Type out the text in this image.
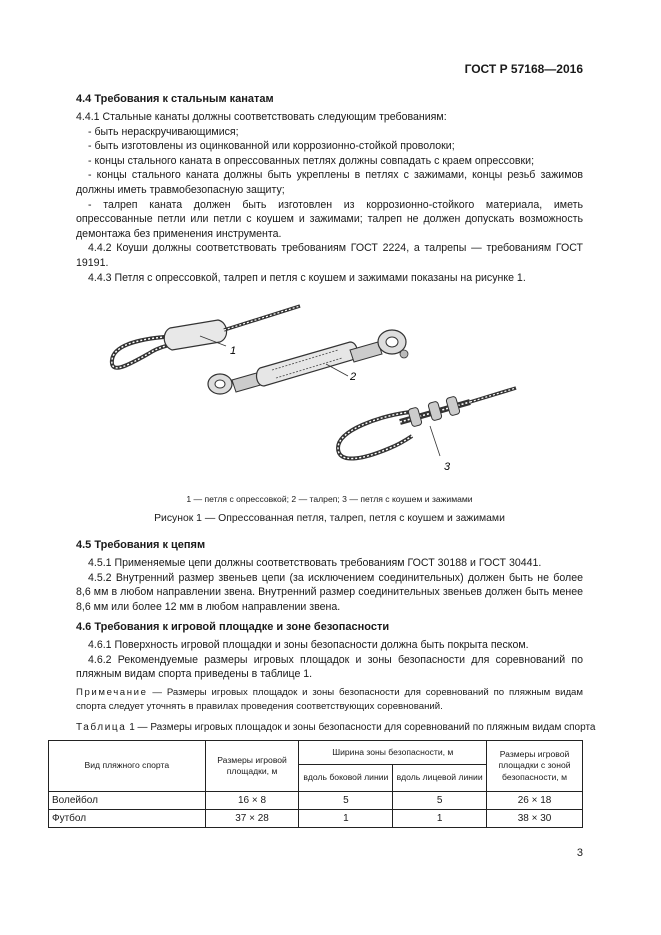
ГОСТ Р 57168—2016
4.4 Требования к стальным канатам

4.4.1 Стальные канаты должны соответствовать следующим требованиям:

- быть нераскручивающимися;

- быть изготовлены из оцинкованной или коррозионно-стойкой проволоки;

- концы стального каната в опрессованных петлях должны совпадать с краем опрессовки;

- концы стального каната должны быть укреплены в петлях с зажимами, концы резьб зажимов должны иметь травмобезопасную защиту;

- талреп каната должен быть изготовлен из коррозионно-стойкого материала, иметь опрессованные петли или петли с коушем и зажимами; талреп не должен допускать возможность демонтажа без применения инструмента.

4.4.2 Коуши должны соответствовать требованиям ГОСТ 2224, а талрепы — требованиям ГОСТ 19191.

4.4.3 Петля с опрессовкой, талреп и петля с коушем и зажимами показаны на рисунке 1.

1
2
3
1 — петля с опрессовкой; 2 — талреп; 3 — петля с коушем и зажимами
Рисунок 1 — Опрессованная петля, талреп, петля с коушем и зажимами
4.5 Требования к цепям

4.5.1 Применяемые цепи должны соответствовать требованиям ГОСТ 30188 и ГОСТ 30441.

4.5.2 Внутренний размер звеньев цепи (за исключением соединительных) должен быть не более 8,6 мм в любом направлении звена. Внутренний размер соединительных звеньев должен быть менее 8,6 мм или более 12 мм в любом направлении звена.

4.6 Требования к игровой площадке и зоне безопасности

4.6.1 Поверхность игровой площадки и зоны безопасности должна быть покрыта песком.

4.6.2 Рекомендуемые размеры игровых площадок и зоны безопасности для соревнований по пляжным видам спорта приведены в таблице 1.

Примечание — Размеры игровых площадок и зоны безопасности для соревнований по пляжным видам спорта следует уточнять в правилах проведения соответствующих соревнований.
Таблица 1 — Размеры игровых площадок и зоны безопасности для соревнований по пляжным видам спорта
Вид пляжного спорта	Размеры игровой площадки, м	Ширина зоны безопасности, м		Размеры игровой площадки с зоной безопасности, м
		вдоль боковой линии	вдоль лицевой линии	
Волейбол	16 × 8	5	5	26 × 18
Футбол	37 × 28	1	1	38 × 30
3
